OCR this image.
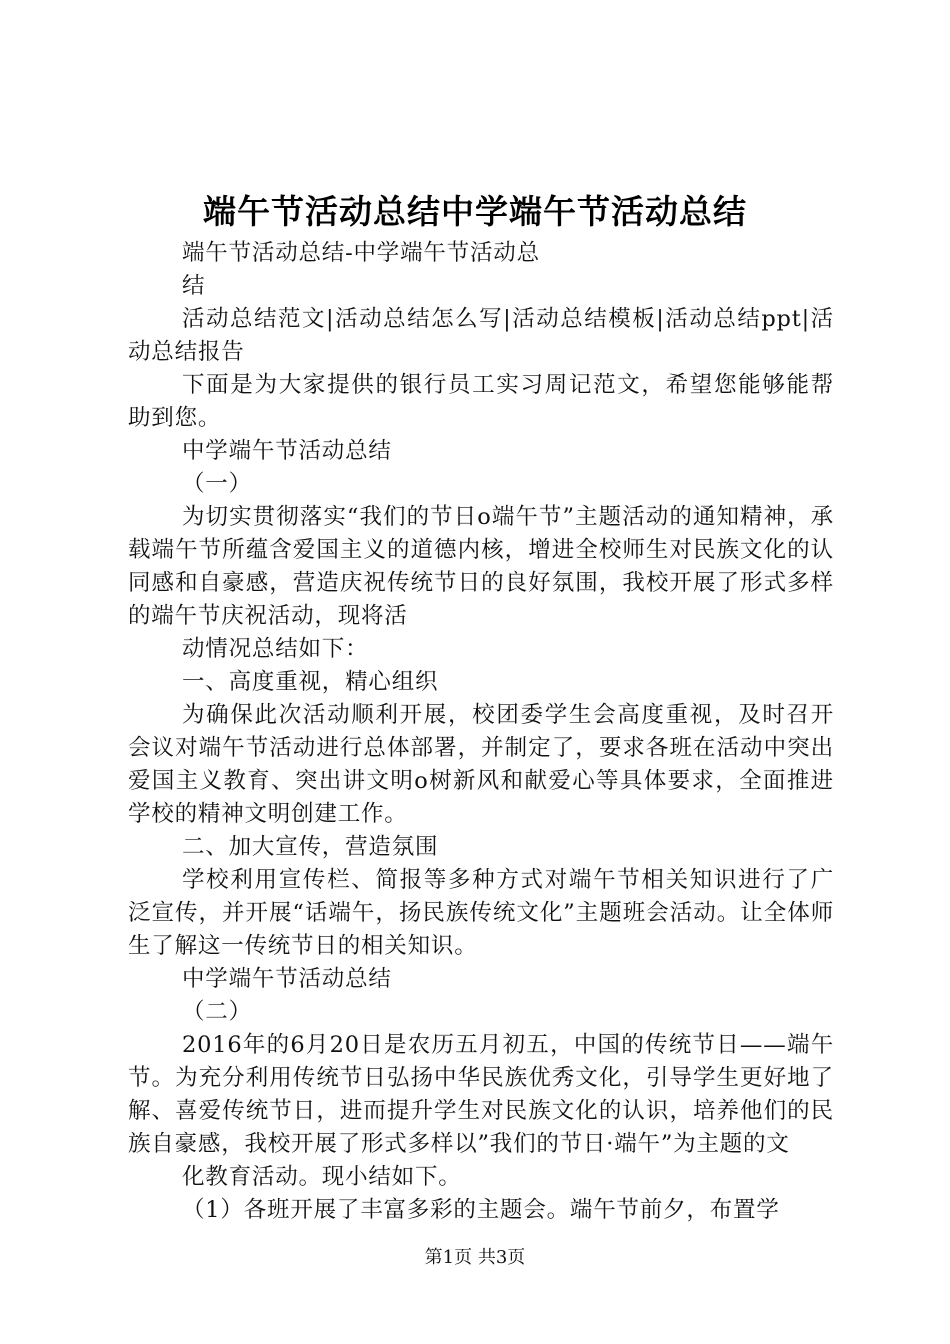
端午节活动总结中学端午节活动总结

端午节活动总结-中学端午节活动总

结

活动总结范文|活动总结怎么写|活动总结模板|活动总结ppt|活动总结报告

下面是为大家提供的银行员工实习周记范文，希望您能够能帮助到您。

中学端午节活动总结

（一）

为切实贯彻落实“我们的节日o端午节”主题活动的通知精神，承载端午节所蕴含爱国主义的道德内核，增进全校师生对民族文化的认同感和自豪感，营造庆祝传统节日的良好氛围，我校开展了形式多样的端午节庆祝活动，现将活

动情况总结如下：

一、高度重视，精心组织

为确保此次活动顺利开展，校团委学生会高度重视，及时召开会议对端午节活动进行总体部署，并制定了，要求各班在活动中突出爱国主义教育、突出讲文明o树新风和献爱心等具体要求，全面推进学校的精神文明创建工作。

二、加大宣传，营造氛围

学校利用宣传栏、简报等多种方式对端午节相关知识进行了广泛宣传，并开展“话端午，扬民族传统文化”主题班会活动。让全体师生了解这一传统节日的相关知识。

中学端午节活动总结

（二）

2016年的6月20日是农历五月初五，中国的传统节日——端午节。为充分利用传统节日弘扬中华民族优秀文化，引导学生更好地了解、喜爱传统节日，进而提升学生对民族文化的认识，培养他们的民族自豪感，我校开展了形式多样以”我们的节日·端午”为主题的文

化教育活动。现小结如下。

（1）各班开展了丰富多彩的主题会。端午节前夕，布置学

第1页 共3页
